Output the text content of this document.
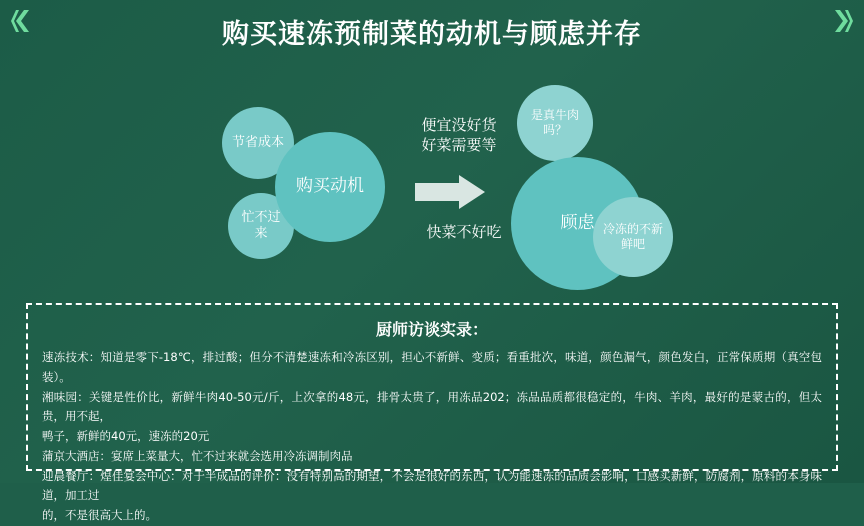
购买速冻预制菜的动机与顾虑并存
节省成本
忙不过来
购买动机
便宜没好货
好菜需要等
快菜不好吃
是真牛肉吗？
顾虑 冷冻的不新鲜吧
厨师访谈实录：

速冻技术：知道是零下-18℃，排过酸；但分不清楚速冻和冷冻区别，担心不新鲜、变质；看重批次，味道，颜色漏气，颜色发白，正常保质期（真空包装）。

湘味园：关键是性价比，新鲜牛肉40-50元/斤，上次拿的48元，排骨太贵了，用冻品202；冻品品质都很稳定的，牛肉、羊肉，最好的是蒙古的，但太贵，用不起，

鸭子，新鲜的40元，速冻的20元

蒲京大酒店：宴席上菜量大，忙不过来就会选用冷冻调制肉品

迎晨餐厅：煌佳宴会中心：对于半成品的评价：没有特别高的期望，不会是很好的东西，认为能速冻的品质会影响，口感买新鲜，防腐剂，原料的本身味道，加工过

的，不是很高大上的。
